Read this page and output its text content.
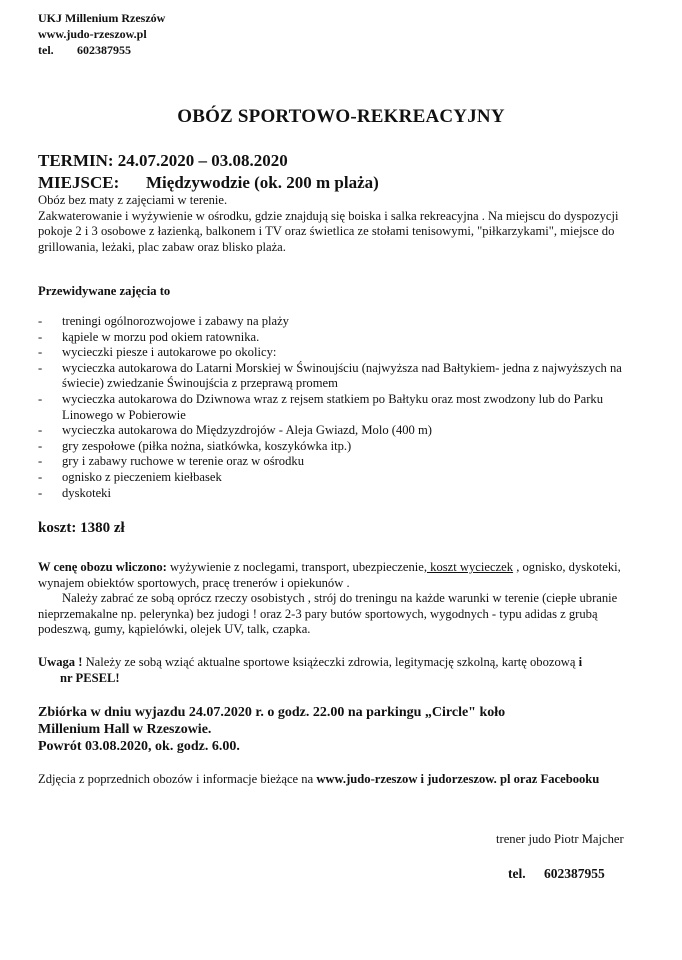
UKJ Millenium Rzeszów
www.judo-rzeszow.pl
tel. 602387955
OBÓZ SPORTOWO-REKREACYJNY
TERMIN: 24.07.2020 – 03.08.2020
MIEJSCE: Międzywodzie (ok. 200 m plaża)
Obóz bez maty z zajęciami w terenie.
Zakwaterowanie i wyżywienie w ośrodku, gdzie znajdują się boiska i salka rekreacyjna . Na miejscu do dyspozycji pokoje 2 i 3 osobowe z łazienką, balkonem i TV oraz świetlica ze stołami tenisowymi, "piłkarzykami", miejsce do grillowania, leżaki, plac zabaw oraz blisko plaża.
Przewidywane zajęcia to
- treningi ogólnorozwojowe i zabawy na plaży
- kąpiele w morzu pod okiem ratownika.
- wycieczki piesze i autokarowe po okolicy:
- wycieczka autokarowa do Latarni Morskiej w Świnoujściu (najwyższa nad Bałtykiem- jedna z najwyższych na świecie) zwiedzanie Świnoujścia z przeprawą promem
- wycieczka autokarowa do Dziwnowa wraz z rejsem statkiem po Bałtyku oraz most zwodzony lub do Parku Linowego w Pobierowie
- wycieczka autokarowa do Międzyzdrojów - Aleja Gwiazd, Molo (400 m)
- gry zespołowe (piłka nożna, siatkówka, koszykówka itp.)
- gry i zabawy ruchowe w terenie oraz w ośrodku
- ognisko z pieczeniem kiełbasek
- dyskoteki
koszt: 1380 zł
W cenę obozu wliczono: wyżywienie z noclegami, transport, ubezpieczenie, koszt wycieczek , ognisko, dyskoteki, wynajem obiektów sportowych, pracę trenerów i opiekunów .
Należy zabrać ze sobą oprócz rzeczy osobistych , strój do treningu na każde warunki w terenie (ciepłe ubranie nieprzemakalne np. pelerynka) bez judogi ! oraz 2-3 pary butów sportowych, wygodnych - typu adidas z grubą podeszwą, gumy, kąpielówki, olejek UV, talk, czapka.
Uwaga ! Należy ze sobą wziąć aktualne sportowe książeczki zdrowia, legitymację szkolną, kartę obozową i
nr PESEL!
Zbiórka w dniu wyjazdu 24.07.2020 r. o godz. 22.00 na parkingu „Circle" koło
Millenium Hall w Rzeszowie.
Powrót 03.08.2020, ok. godz. 6.00.
Zdjęcia z poprzednich obozów i informacje bieżące na www.judo-rzeszow i judorzeszow. pl oraz Facebooku
trener judo Piotr Majcher
tel. 602387955
